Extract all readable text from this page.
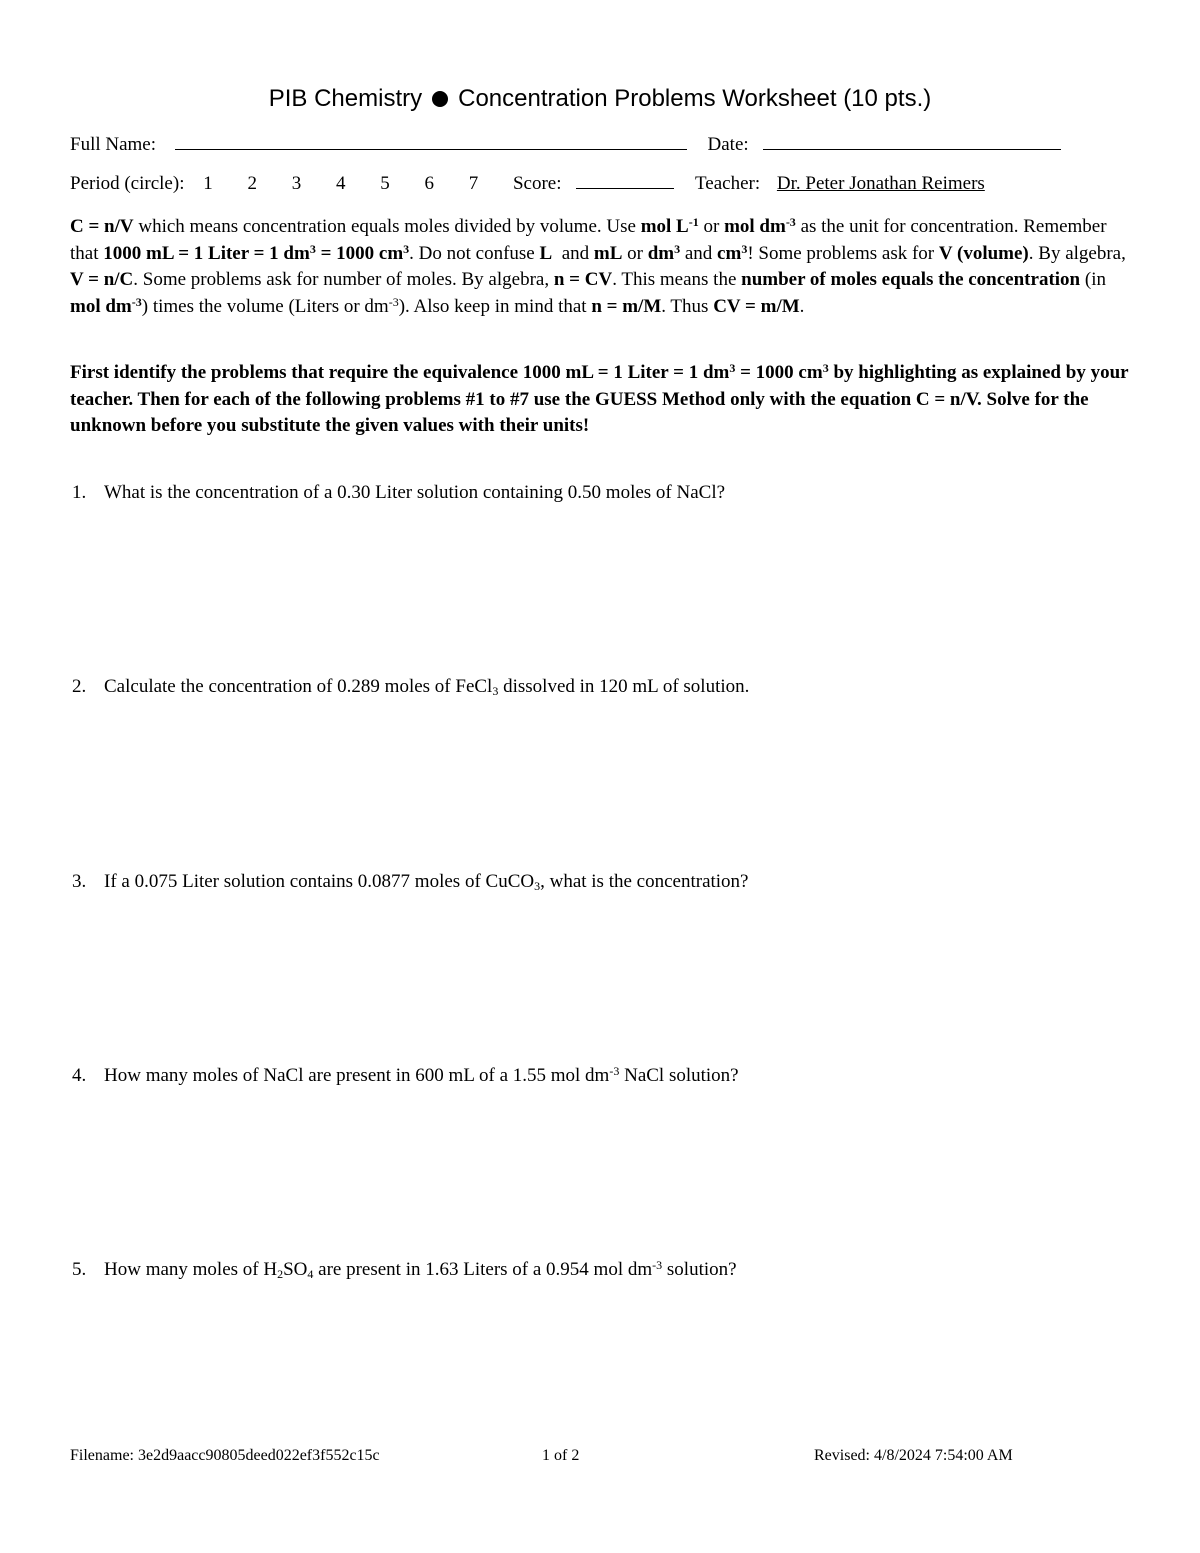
PIB Chemistry Concentration Problems Worksheet (10 pts.)
Full Name:	Date:
Period (circle): 1 2 3 4 5 6 7 Score:	Teacher: Dr. Peter Jonathan Reimers
C = n/V which means concentration equals moles divided by volume. Use mol $L^{-1}$ or mol $dm^{-3}$ as the unit for concentration. Remember that 1000 mL = 1 Liter = 1 $dm^3 = 1000$ $cm^3$. Do not confuse L and mL or $dm^3$ and $cm^3$! Some problems ask for V (volume). By algebra, V = n/C. Some problems ask for number of moles. By algebra, n = CV. This means the number of moles equals the concentration (in mol $dm^{-3}$) times the volume (Liters or $dm^{-3}$). Also keep in mind that n = m/M. Thus CV = m/M.
First identify the problems that require the equivalence 1000 mL = 1 Liter = 1 $dm^3 = 1000$ $cm^3$ by highlighting as explained by your teacher. Then for each of the following problems #1 to #7 use the GUESS Method only with the equation C = n/V. Solve for the unknown before you substitute the given values with their units!
1. What is the concentration of a 0.30 Liter solution containing 0.50 moles of NaCl?
2. Calculate the concentration of 0.289 moles of FeCl$_3$ dissolved in 120 mL of solution.
3. If a 0.075 Liter solution contains 0.0877 moles of CuCO$_3$, what is the concentration?
4. How many moles of NaCl are present in 600 mL of a 1.55 mol $dm^{-3}$ NaCl solution?
5. How many moles of $H_2SO_4$ are present in 1.63 Liters of a 0.954 mol $dm^{-3}$ solution?
Filename: 3e2d9aacc90805deed022ef3f552c15c	1 of 2	Revised: 4/8/2024 7:54:00 AM
